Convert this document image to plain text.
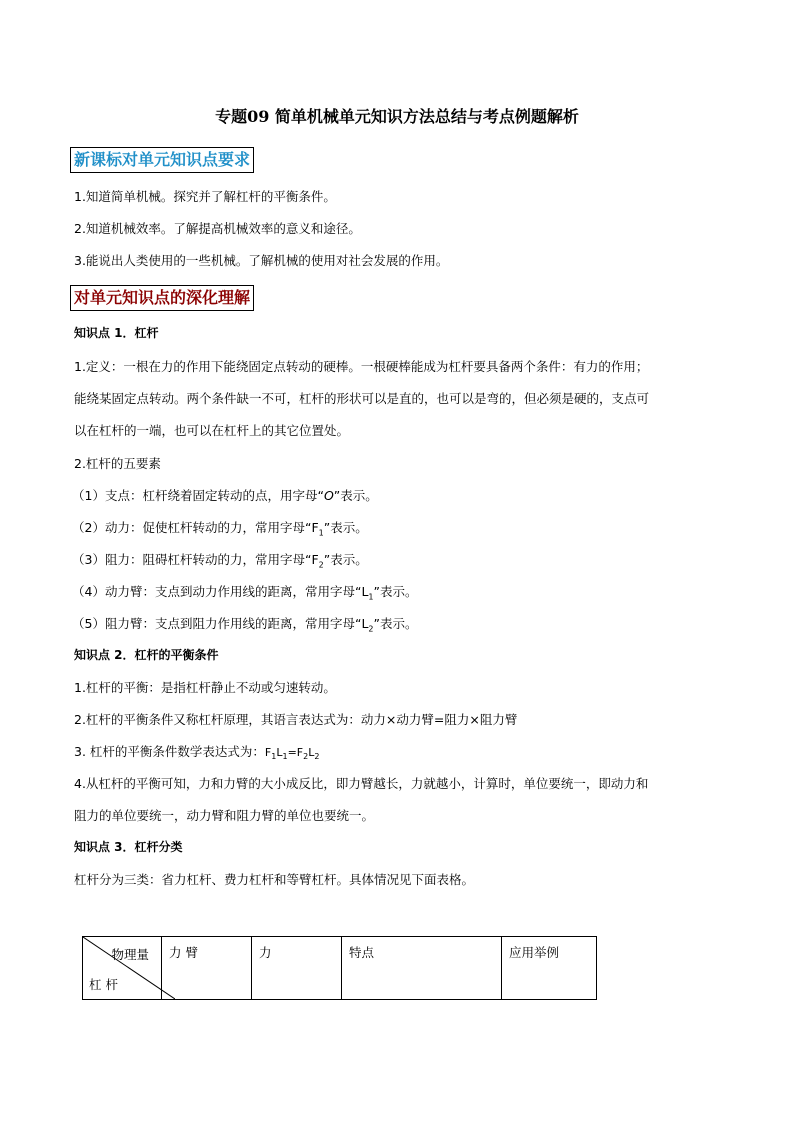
专题09 简单机械单元知识方法总结与考点例题解析
新课标对单元知识点要求
1.知道简单机械。探究并了解杠杆的平衡条件。
2.知道机械效率。了解提高机械效率的意义和途径。
3.能说出人类使用的一些机械。了解机械的使用对社会发展的作用。
对单元知识点的深化理解
知识点 1．杠杆
1.定义：一根在力的作用下能绕固定点转动的硬棒。一根硬棒能成为杠杆要具备两个条件：有力的作用；
能绕某固定点转动。两个条件缺一不可，杠杆的形状可以是直的，也可以是弯的，但必须是硬的，支点可
以在杠杆的一端，也可以在杠杆上的其它位置处。
2.杠杆的五要素
（1）支点：杠杆绕着固定转动的点，用字母“O”表示。
（2）动力：促使杠杆转动的力，常用字母“$F_1$”表示。
（3）阻力：阻碍杠杆转动的力，常用字母“$F_2$”表示。
（4）动力臂：支点到动力作用线的距离，常用字母“$L_1$”表示。
（5）阻力臂：支点到阻力作用线的距离，常用字母“$L_2$”表示。
知识点 2．杠杆的平衡条件
1.杠杆的平衡：是指杠杆静止不动或匀速转动。
2.杠杆的平衡条件又称杠杆原理，其语言表达式为：动力×动力臂=阻力×阻力臂
3. 杠杆的平衡条件数学表达式为：$F_1L_1=F_2L_2$
4.从杠杆的平衡可知，力和力臂的大小成反比，即力臂越长，力就越小，计算时，单位要统一，即动力和
阻力的单位要统一，动力臂和阻力臂的单位也要统一。
知识点 3．杠杆分类
杠杆分为三类：省力杠杆、费力杠杆和等臂杠杆。具体情况见下面表格。
物理量
杠 杆
	力 臂	力	特点	应用举例
